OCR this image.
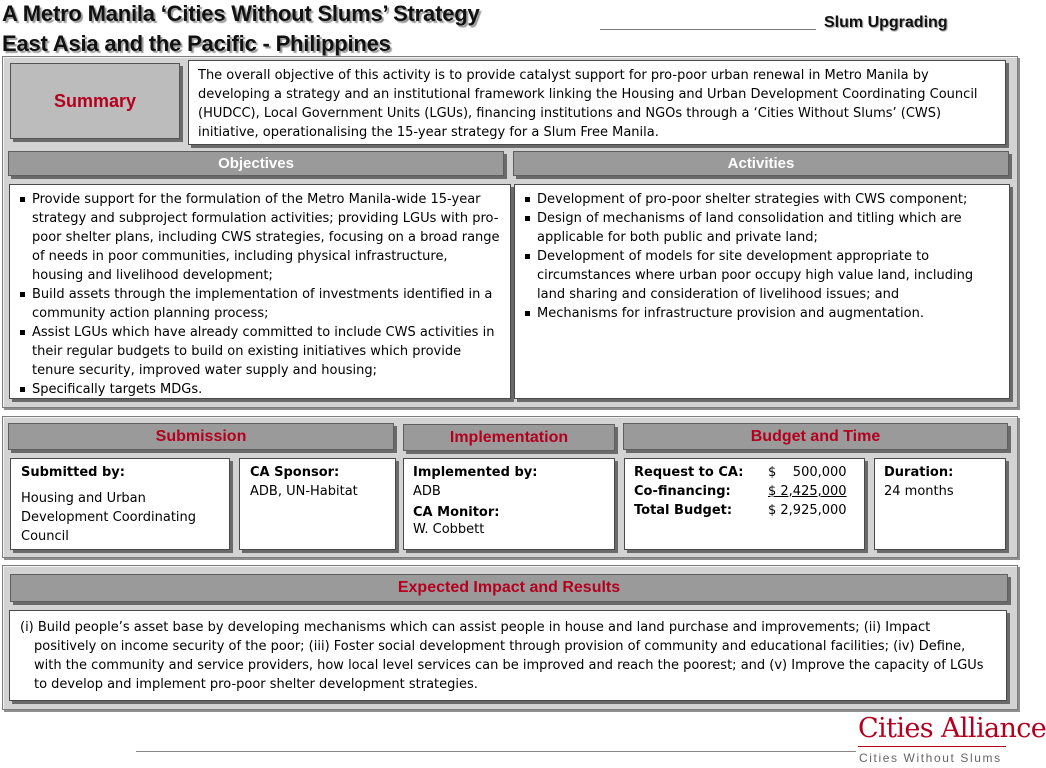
A Metro Manila ‘Cities Without Slums’ Strategy
East Asia and the Pacific - Philippines
Slum Upgrading
Summary
The overall objective of this activity is to provide catalyst support for pro-poor urban renewal in Metro Manila by developing a strategy and an institutional framework linking the Housing and Urban Development Coordinating Council (HUDCC), Local Government Units (LGUs), financing institutions and NGOs through a ‘Cities Without Slums’ (CWS) initiative, operationalising the 15-year strategy for a Slum Free Manila.
Objectives	Activities
Provide support for the formulation of the Metro Manila-wide 15-year strategy and subproject formulation activities; providing LGUs with pro-poor shelter plans, including CWS strategies, focusing on a broad range of needs in poor communities, including physical infrastructure, housing and livelihood development;
Build assets through the implementation of investments identified in a community action planning process;
Assist LGUs which have already committed to include CWS activities in their regular budgets to build on existing initiatives which provide tenure security, improved water supply and housing;
Specifically targets MDGs.
Development of pro-poor shelter strategies with CWS component;
Design of mechanisms of land consolidation and titling which are applicable for both public and private land;
Development of models for site development appropriate to circumstances where urban poor occupy high value land, including land sharing and consideration of livelihood issues; and
Mechanisms for infrastructure provision and augmentation.
Submission	Implementation	Budget and Time
Submitted by:
Housing and Urban Development Coordinating Council
CA Sponsor:
ADB, UN-Habitat
Implemented by:
ADB
CA Monitor:
W. Cobbett
Request to CA:	$    500,000
Co-financing:	$ 2,425,000
Total Budget:	$ 2,925,000
Duration:
24 months
Expected Impact and Results
(i) Build people’s asset base by developing mechanisms which can assist people in house and land purchase and improvements; (ii) Impact positively on income security of the poor; (iii) Foster social development through provision of community and educational facilities; (iv) Define, with the community and service providers, how local level services can be improved and reach the poorest; and (v) Improve the capacity of LGUs to develop and implement pro-poor shelter development strategies.
Cities Alliance
Cities Without Slums
